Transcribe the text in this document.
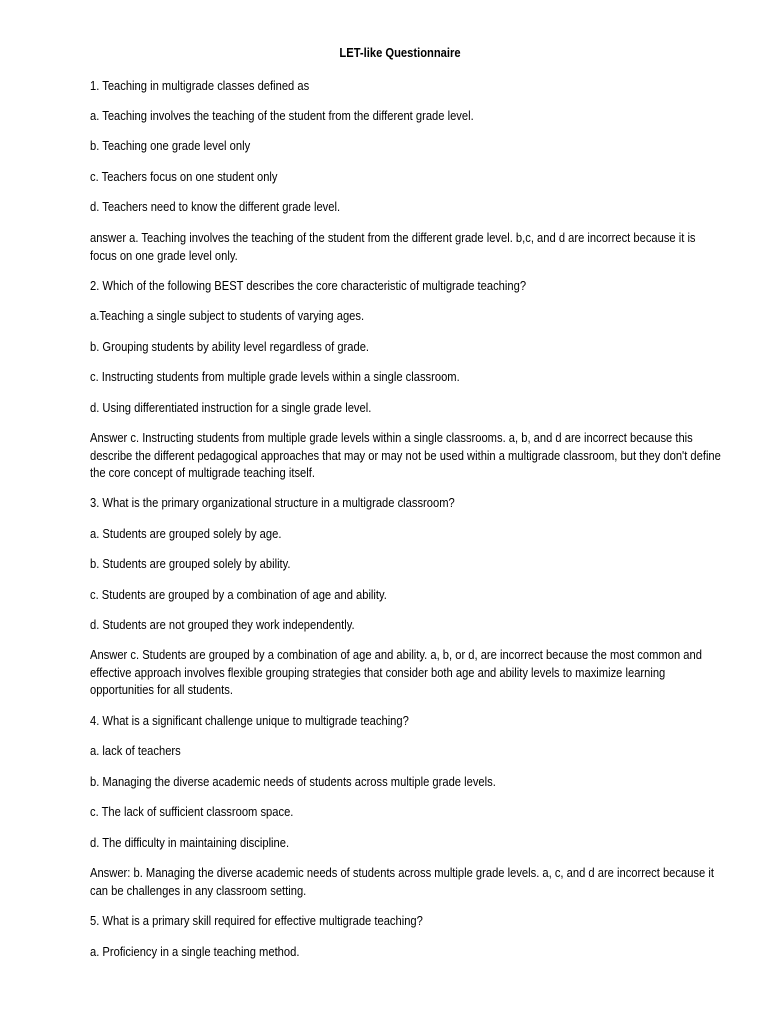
LET-like Questionnaire
1. Teaching in multigrade classes defined as
a. Teaching involves the teaching of the student from the different grade level.
b. Teaching one grade level only
c. Teachers focus on one student only
d. Teachers need to know the different grade level.
answer a. Teaching involves the teaching of the student from the different grade level. b,c, and d are incorrect because it is focus on one grade level only.
2. Which of the following BEST describes the core characteristic of multigrade teaching?
a.Teaching a single subject to students of varying ages.
b. Grouping students by ability level regardless of grade.
c. Instructing students from multiple grade levels within a single classroom.
d. Using differentiated instruction for a single grade level.
Answer c. Instructing students from multiple grade levels within a single classrooms. a, b, and d are incorrect because this describe the different pedagogical approaches that may or may not be used within a multigrade classroom, but they don't define the core concept of multigrade teaching itself.
3. What is the primary organizational structure in a multigrade classroom?
a. Students are grouped solely by age.
b. Students are grouped solely by ability.
c. Students are grouped by a combination of age and ability.
d. Students are not grouped they work independently.
Answer c. Students are grouped by a combination of age and ability. a, b, or d, are incorrect because the most common and effective approach involves flexible grouping strategies that consider both age and ability levels to maximize learning opportunities for all students.
4. What is a significant challenge unique to multigrade teaching?
a. lack of teachers
b. Managing the diverse academic needs of students across multiple grade levels.
c. The lack of sufficient classroom space.
d. The difficulty in maintaining discipline.
Answer: b. Managing the diverse academic needs of students across multiple grade levels. a, c, and d are incorrect because it can be challenges in any classroom setting.
5. What is a primary skill required for effective multigrade teaching?
a. Proficiency in a single teaching method.
